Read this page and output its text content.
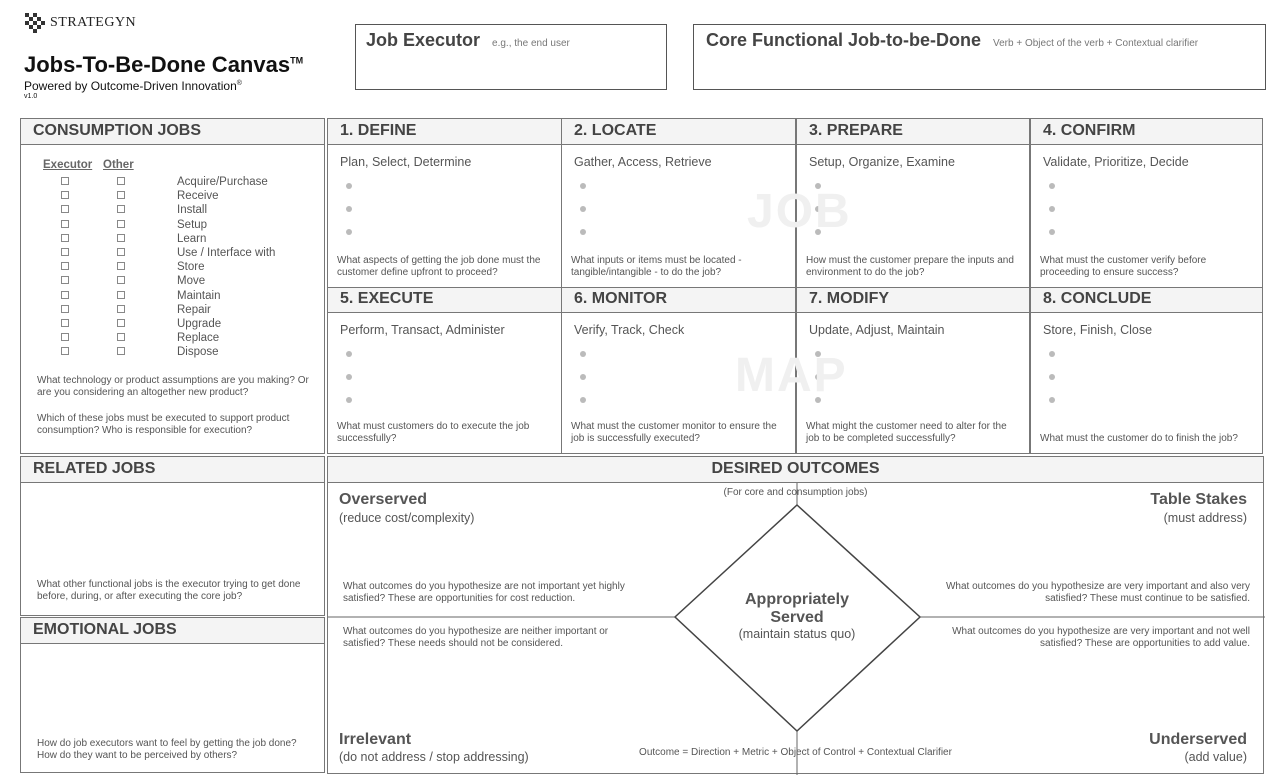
STRATEGYN
Jobs-To-Be-Done Canvas™
Powered by Outcome-Driven Innovation®
v1.0
Job Executor e.g., the end user	Core Functional Job-to-be-Done Verb + Object of the verb + Contextual clarifier
CONSUMPTION JOBS
Executor Other
Acquire/Purchase
Receive
Install
Setup
Learn
Use / Interface with
Store
Move
Maintain
Repair
Upgrade
Replace
Dispose
What technology or product assumptions are you making? Or are you considering an altogether new product?
Which of these jobs must be executed to support product consumption? Who is responsible for execution?
8. CONCLUDE
Store, Finish, Close
What must the customer do to finish the job?
7. MODIFY
Update, Adjust, Maintain
What might the customer need to alter for the job to be completed successfully?
6. MONITOR
Verify, Track, Check
What must the customer monitor to ensure the job is successfully executed?
5. EXECUTE
Perform, Transact, Administer
What must customers do to execute the job successfully?
4. CONFIRM
Validate, Prioritize, Decide
What must the customer verify before proceeding to ensure success?
3. PREPARE
Setup, Organize, Examine
How must the customer prepare the inputs and environment to do the job?
2. LOCATE
Gather, Access, Retrieve
What inputs or items must be located - tangible/intangible - to do the job?
1. DEFINE
Plan, Select, Determine
What aspects of getting the job done must the customer define upfront to proceed?
JOB
MAP
RELATED JOBS
What other functional jobs is the executor trying to get done before, during, or after executing the core job?
EMOTIONAL JOBS
How do job executors want to feel by getting the job done? How do they want to be perceived by others?
DESIRED OUTCOMES
(For core and consumption jobs)
Overserved
(reduce cost/complexity)
Table Stakes
(must address)
What outcomes do you hypothesize are not important yet highly satisfied? These are opportunities for cost reduction.
What outcomes do you hypothesize are very important and also very satisfied? These must continue to be satisfied.
What outcomes do you hypothesize are neither important or satisfied? These needs should not be considered.
What outcomes do you hypothesize are very important and not well satisfied? These are opportunities to add value.
Appropriately
Served
(maintain status quo)
Irrelevant
(do not address / stop addressing)
Underserved
(add value)
Outcome = Direction + Metric + Object of Control + Contextual Clarifier
